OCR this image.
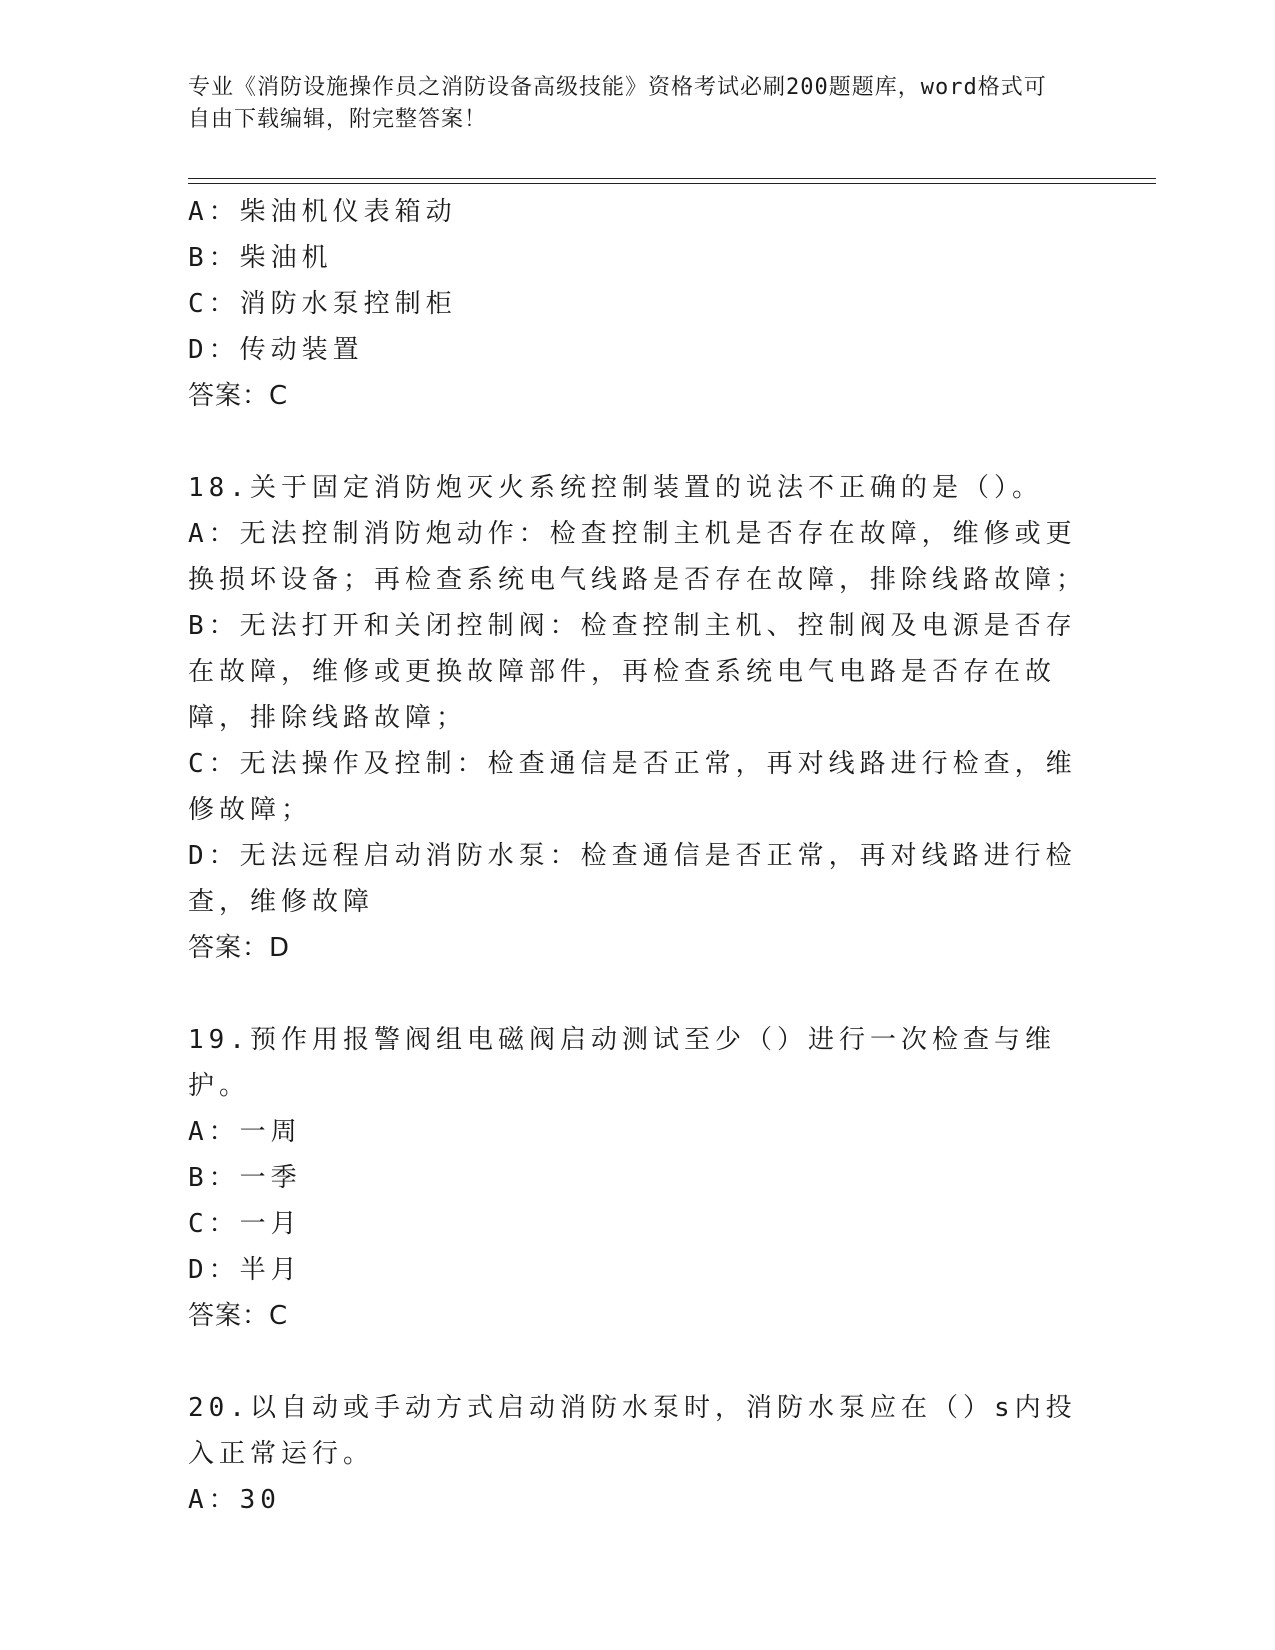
专业《消防设施操作员之消防设备高级技能》资格考试必刷200题题库，word格式可自由下载编辑，附完整答案！
A：柴油机仪表箱动
B：柴油机
C：消防水泵控制柜
D：传动装置
答案：C
18.关于固定消防炮灭火系统控制装置的说法不正确的是（）。
A：无法控制消防炮动作：检查控制主机是否存在故障，维修或更换损坏设备；再检查系统电气线路是否存在故障，排除线路故障；
B：无法打开和关闭控制阀：检查控制主机、控制阀及电源是否存在故障，维修或更换故障部件，再检查系统电气电路是否存在故障，排除线路故障；
C：无法操作及控制：检查通信是否正常，再对线路进行检查，维修故障；
D：无法远程启动消防水泵：检查通信是否正常，再对线路进行检查，维修故障
答案：D
19.预作用报警阀组电磁阀启动测试至少（）进行一次检查与维护。
A：一周
B：一季
C：一月
D：半月
答案：C
20.以自动或手动方式启动消防水泵时，消防水泵应在（）s内投入正常运行。
A：30
